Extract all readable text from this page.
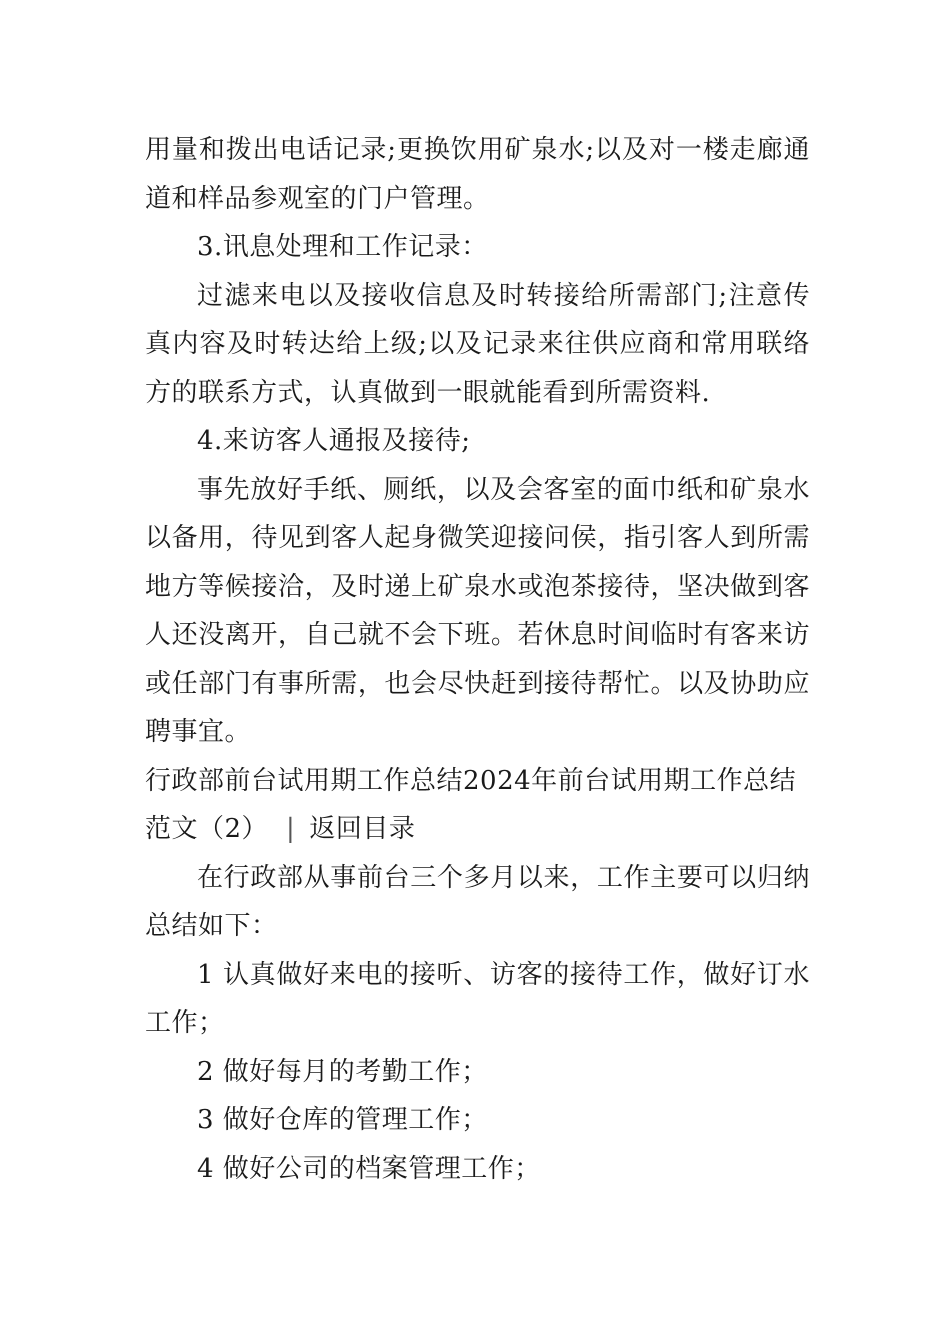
用量和拨出电话记录;更换饮用矿泉水;以及对一楼走廊通道和样品参观室的门户管理。

3.讯息处理和工作记录：

过滤来电以及接收信息及时转接给所需部门;注意传真内容及时转达给上级;以及记录来往供应商和常用联络方的联系方式，认真做到一眼就能看到所需资料.

4.来访客人通报及接待;

事先放好手纸、厕纸，以及会客室的面巾纸和矿泉水以备用，待见到客人起身微笑迎接问侯，指引客人到所需地方等候接洽，及时递上矿泉水或泡茶接待，坚决做到客人还没离开，自己就不会下班。若休息时间临时有客来访或任部门有事所需，也会尽快赶到接待帮忙。以及协助应聘事宜。

行政部前台试用期工作总结2024年前台试用期工作总结范文（2） | 返回目录

在行政部从事前台三个多月以来，工作主要可以归纳总结如下：

1 认真做好来电的接听、访客的接待工作，做好订水工作；

2 做好每月的考勤工作；

3 做好仓库的管理工作；

4 做好公司的档案管理工作；
